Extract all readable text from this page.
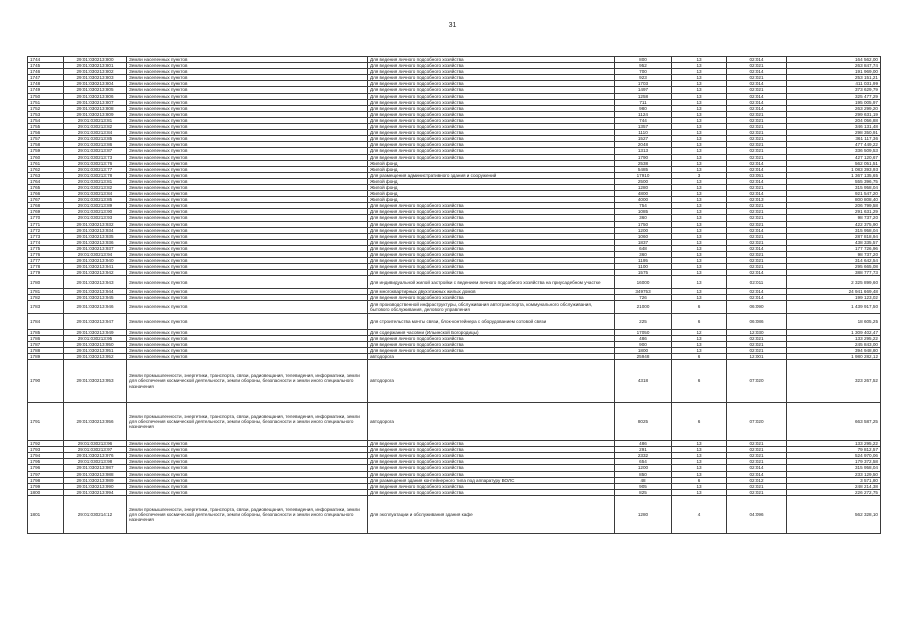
31
1744	29:01:030213:800	Земли населенных пунктов	Для ведения личного подсобного хозяйства	800	13	02:014	164 562,00
1745	29:01:030213:801	Земли населенных пунктов	Для ведения личного подсобного хозяйства	952	13	02:021	263 847,74
1746	29:01:030213:802	Земли населенных пунктов	Для ведения личного подсобного хозяйства	700	13	02:014	191 969,00
1747	29:01:030213:803	Земли населенных пунктов	Для ведения личного подсобного хозяйства	923	13	02:021	253 151,21
1748	29:01:030213:804	Земли населенных пунктов	Для ведения личного подсобного хозяйства	1703	13	02:014	411 031,99
1749	29:01:030213:805	Земли населенных пунктов	Для ведения личного подсобного хозяйства	1497	13	02:021	373 629,79
1750	29:01:030213:806	Земли населенных пунктов	Для ведения личного подсобного хозяйства	1258	13	02:014	325 477,29
1751	29:01:030213:807	Земли населенных пунктов	Для ведения личного подсобного хозяйства	711	13	02:014	195 005,97
1752	29:01:030213:808	Земли населенных пунктов	Для ведения личного подсобного хозяйства	980	13	02:014	263 299,20
1753	29:01:030213:809	Земли населенных пунктов	Для ведения личного подсобного хозяйства	1124	13	02:021	299 631,19
1754	29:01:030213:81	Земли населенных пунктов	Для ведения личного подсобного хозяйства	744	13	02:021	204 056,88
1755	29:01:030213:82	Земли населенных пунктов	Для ведения личного подсобного хозяйства	1357	13	02:021	346 131,48
1756	29:01:030213:84	Земли населенных пунктов	Для ведения личного подсобного хозяйства	1110	13	02:021	298 350,91
1757	29:01:030213:85	Земли населенных пунктов	Для ведения личного подсобного хозяйства	1527	13	02:021	361 117,36
1758	29:01:030213:86	Земли населенных пунктов	Для ведения личного подсобного хозяйства	2048	13	02:021	477 449,22
1759	29:01:030213:87	Земли населенных пунктов	Для ведения личного подсобного хозяйства	1313	13	02:021	336 509,53
1760	29:01:030213:73	Земли населенных пунктов	Для ведения личного подсобного хозяйства	1790	13	02:021	427 120,67
1761	29:01:030213:76	Земли населенных пунктов	Жилой фонд	2538	13	02:014	562 051,51
1762	29:01:030213:77	Земли населенных пунктов	Жилой фонд	5485	13	02:014	1 083 393,93
1763	29:01:030213:78	Земли населенных пунктов	Для размещения административного здания и сооружений	17910	3	03:051	1 367 135,65
1764	29:01:030213:81	Земли населенных пунктов	Жилой фонд	2500	13	02:014	555 396,75
1765	29:01:030213:82	Земли населенных пунктов	Жилой фонд	1280	13	02:021	315 958,04
1766	29:01:030213:84	Земли населенных пунктов	Жилой фонд	4800	13	02:014	921 547,20
1767	29:01:030213:85	Земли населенных пунктов	Жилой фонд	4000	13	02:013	800 808,40
1768	29:01:030213:89	Земли населенных пунктов	Для ведения личного подсобного хозяйства	754	13	02:021	206 799,58
1769	29:01:030213:90	Земли населенных пунктов	Для ведения личного подсобного хозяйства	1085	13	02:021	291 631,29
1770	29:01:030213:93	Земли населенных пунктов	Для ведения личного подсобного хозяйства	360	13	02:021	98 737,20
1771	29:01:030213:932	Земли населенных пунктов	Для ведения личного подсобного хозяйства	1750	13	02:021	422 375,90
1772	29:01:030213:934	Земли населенных пунктов	Для ведения личного подсобного хозяйства	1200	13	02:014	315 958,04
1773	29:01:030213:935	Земли населенных пунктов	Для ведения личного подсобного хозяйства	1060	13	02:021	287 818,94
1774	29:01:030213:936	Земли населенных пунктов	Для ведения личного подсобного хозяйства	1837	13	02:021	438 335,57
1775	29:01:030213:937	Земли населенных пунктов	Для ведения личного подсобного хозяйства	648	13	02:014	177 726,96
1776	29:01:030213:94	Земли населенных пунктов	Для ведения личного подсобного хозяйства	360	13	02:021	98 737,20
1777	29:01:030213:940	Земли населенных пунктов	Для ведения личного подсобного хозяйства	1195	13	02:021	314 642,54
1778	29:01:030213:941	Земли населенных пунктов	Для ведения личного подсобного хозяйства	1100	13	02:021	295 665,08
1779	29:01:030213:942	Земли населенных пунктов	Для ведения личного подсобного хозяйства	1575	13	02:014	388 777,73
1780	29:01:030213:943	Земли населенных пунктов	Для индивидуальной жилой застройки с ведением личного подсобного хозяйства на приусадебном участке	16000	13	02:011	2 325 899,60
1781	29:01:030213:944	Земли населенных пунктов	Для многоквартирных двухэтажных жилых домов	349753	13	02:014	24 941 669,48
1782	29:01:030213:945	Земли населенных пунктов	Для ведения личного подсобного хозяйства	726	13	02:014	199 123,02
1783	29:01:030213:946	Земли населенных пунктов	Для производственной инфраструктуры, обслуживания автотранспорта, коммунального обслуживания, бытового обслуживания, делового управления	21000	6	06:090	1 439 917,50
1784	29:01:030213:947	Земли населенных пунктов	Для строительства мачты связи, блок-контейнера с оборудованием сотовой связи	225	6	06:086	18 605,25
1785	29:01:030213:949	Земли населенных пунктов	Для содержания часовни (Ильинской Богородицы)	17050	12	12:030	1 309 402,47
1786	29:01:030213:95	Земли населенных пунктов	Для ведения личного подсобного хозяйства	486	13	02:021	133 295,22
1787	29:01:030213:950	Земли населенных пунктов	Для ведения личного подсобного хозяйства	900	13	02:021	245 843,00
1788	29:01:030213:951	Земли населенных пунктов	Для ведения личного подсобного хозяйства	1800	13	02:021	394 948,80
1789	29:01:030213:952	Земли населенных пунктов	автодорога	25948	6	12:001	1 980 282,12
1790	29:01:030213:953	Земли промышленности, энергетики, транспорта, связи, радиовещания, телевидения, информатики, земли для обеспечения космической деятельности, земли обороны, безопасности и земли иного специального назначения	автодорога	4318	6	07:020	323 267,52
1791	29:01:030213:956	Земли промышленности, энергетики, транспорта, связи, радиовещания, телевидения, информатики, земли для обеспечения космической деятельности, земли обороны, безопасности и земли иного специального назначения	автодорога	8025	6	07:020	663 587,25
1792	29:01:030213:96	Земли населенных пунктов	Для ведения личного подсобного хозяйства	486	13	02:021	133 295,22
1793	29:01:030213:97	Земли населенных пунктов	Для ведения личного подсобного хозяйства	291	13	02:021	79 812,57
1794	29:01:030213:976	Земли населенных пунктов	Для ведения личного подсобного хозяйства	2332	13	02:021	524 970,06
1795	29:01:030213:98	Земли населенных пунктов	Для ведения личного подсобного хозяйства	654	13	02:021	179 372,58
1796	29:01:030213:987	Земли населенных пунктов	Для ведения личного подсобного хозяйства	1200	13	02:014	315 958,04
1797	29:01:030213:988	Земли населенных пунктов	Для ведения личного подсобного хозяйства	850	13	02:014	233 129,50
1798	29:01:030213:989	Земли населенных пунктов	Для размещения здания контейнерного типа под аппаратуру ВОЛС	48	6	02:012	3 571,80
1799	29:01:030213:990	Земли населенных пунктов	Для ведения личного подсобного хозяйства	905	13	02:021	248 214,38
1800	29:01:030213:994	Земли населенных пунктов	Для ведения личного подсобного хозяйства	825	13	02:021	226 272,75
1801	29:01:030214:12	Земли промышленности, энергетики, транспорта, связи, радиовещания, телевидения, информатики, земли для обеспечения космической деятельности, земли обороны, безопасности и земли иного специального назначения	Для эксплуатации и обслуживания здания кафе	1280	4	04:096	562 328,10
